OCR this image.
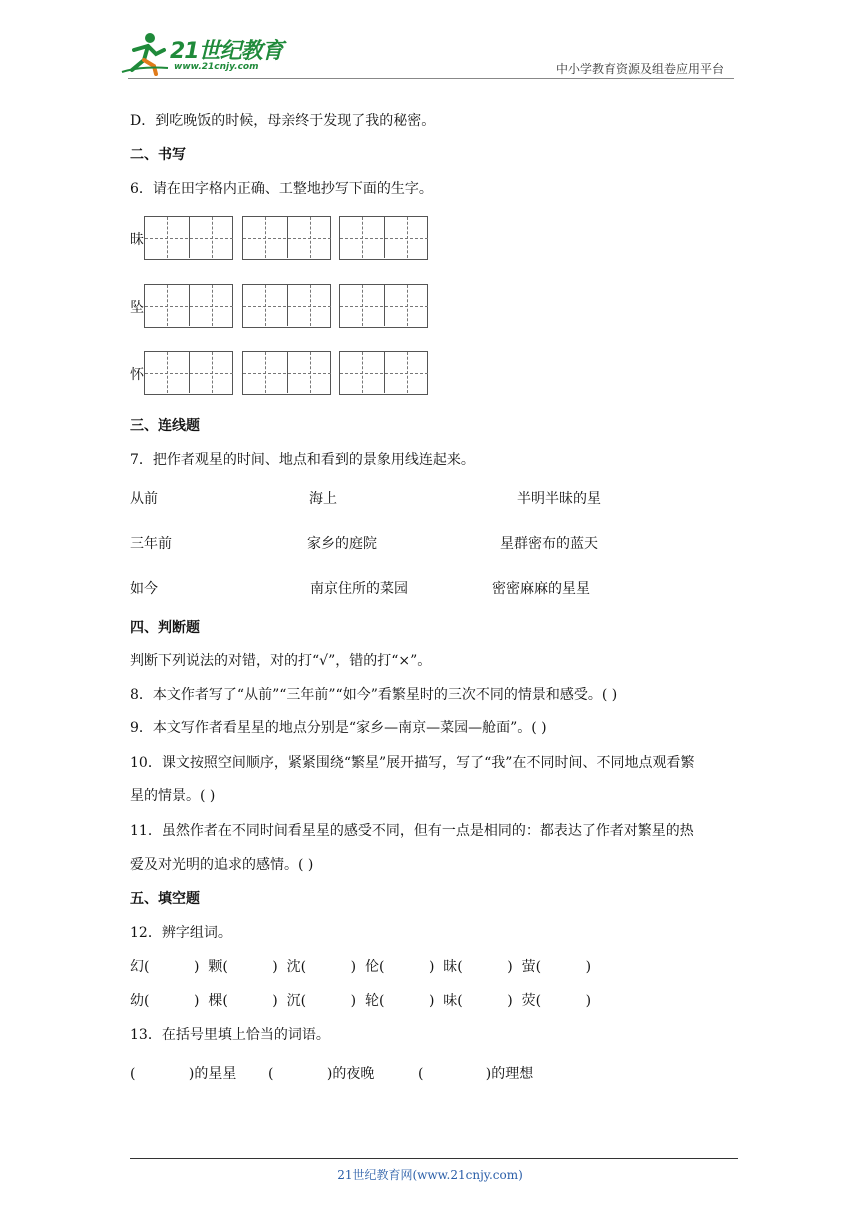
21世纪教育
www.21cnjy.com	中小学教育资源及组卷应用平台
D．到吃晚饭的时候，母亲终于发现了我的秘密。
二、书写
6．请在田字格内正确、工整地抄写下面的生字。
昧
坠
怀
三、连线题
7．把作者观星的时间、地点和看到的景象用线连起来。
从前	海上	半明半昧的星
三年前	家乡的庭院	星群密布的蓝天
如今	南京住所的菜园	密密麻麻的星星
四、判断题
判断下列说法的对错，对的打“√”，错的打“×”。
8．本文作者写了“从前”“三年前”“如今”看繁星时的三次不同的情景和感受。( )
9．本文写作者看星星的地点分别是“家乡—南京—菜园—舱面”。( )
10．课文按照空间顺序，紧紧围绕“繁星”展开描写，写了“我”在不同时间、不同地点观看繁
星的情景。( )
11．虽然作者在不同时间看星星的感受不同，但有一点是相同的：都表达了作者对繁星的热
爱及对光明的追求的感情。( )
五、填空题
12．辨字组词。
幻(          )  颗(          )  沈(          )  伦(          )  昧(          )  萤(          )
幼(          )  棵(          )  沉(          )  轮(          )  味(          )  荧(          )
13．在括号里填上恰当的词语。
(            )的星星 (            )的夜晚	(              )的理想
21世纪教育网(www.21cnjy.com)
